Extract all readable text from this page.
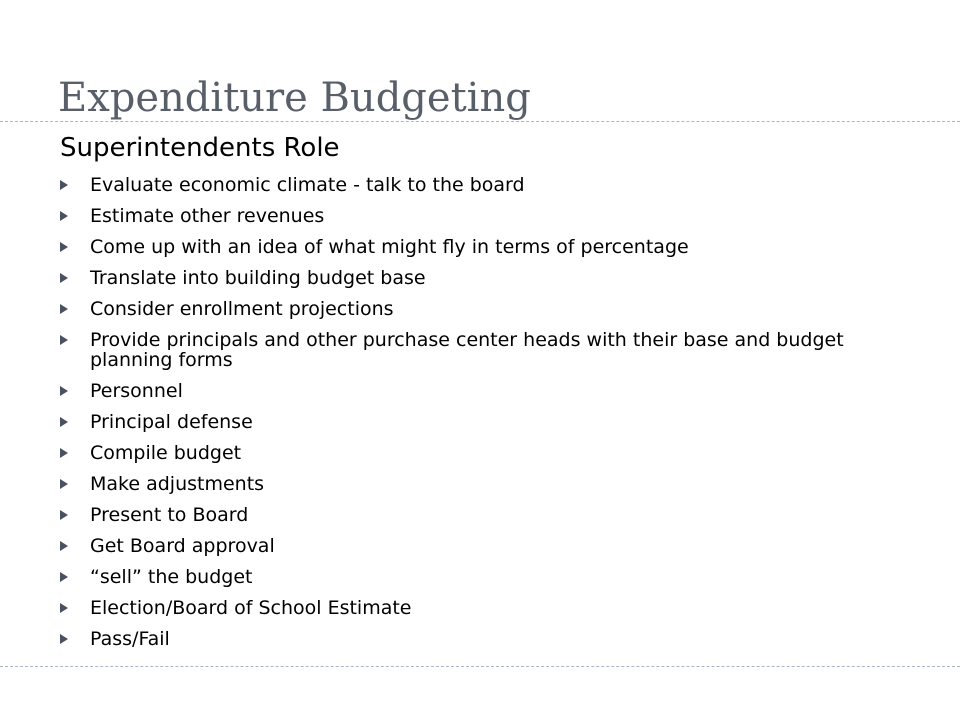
Expenditure Budgeting
Superintendents Role
Evaluate economic climate - talk to the board
Estimate other revenues
Come up with an idea of what might fly in terms of percentage
Translate into building budget base
Consider enrollment projections
Provide principals and other purchase center heads with their base and budget planning forms
Personnel
Principal defense
Compile budget
Make adjustments
Present to Board
Get Board approval
“sell” the budget
Election/Board of School Estimate
Pass/Fail
